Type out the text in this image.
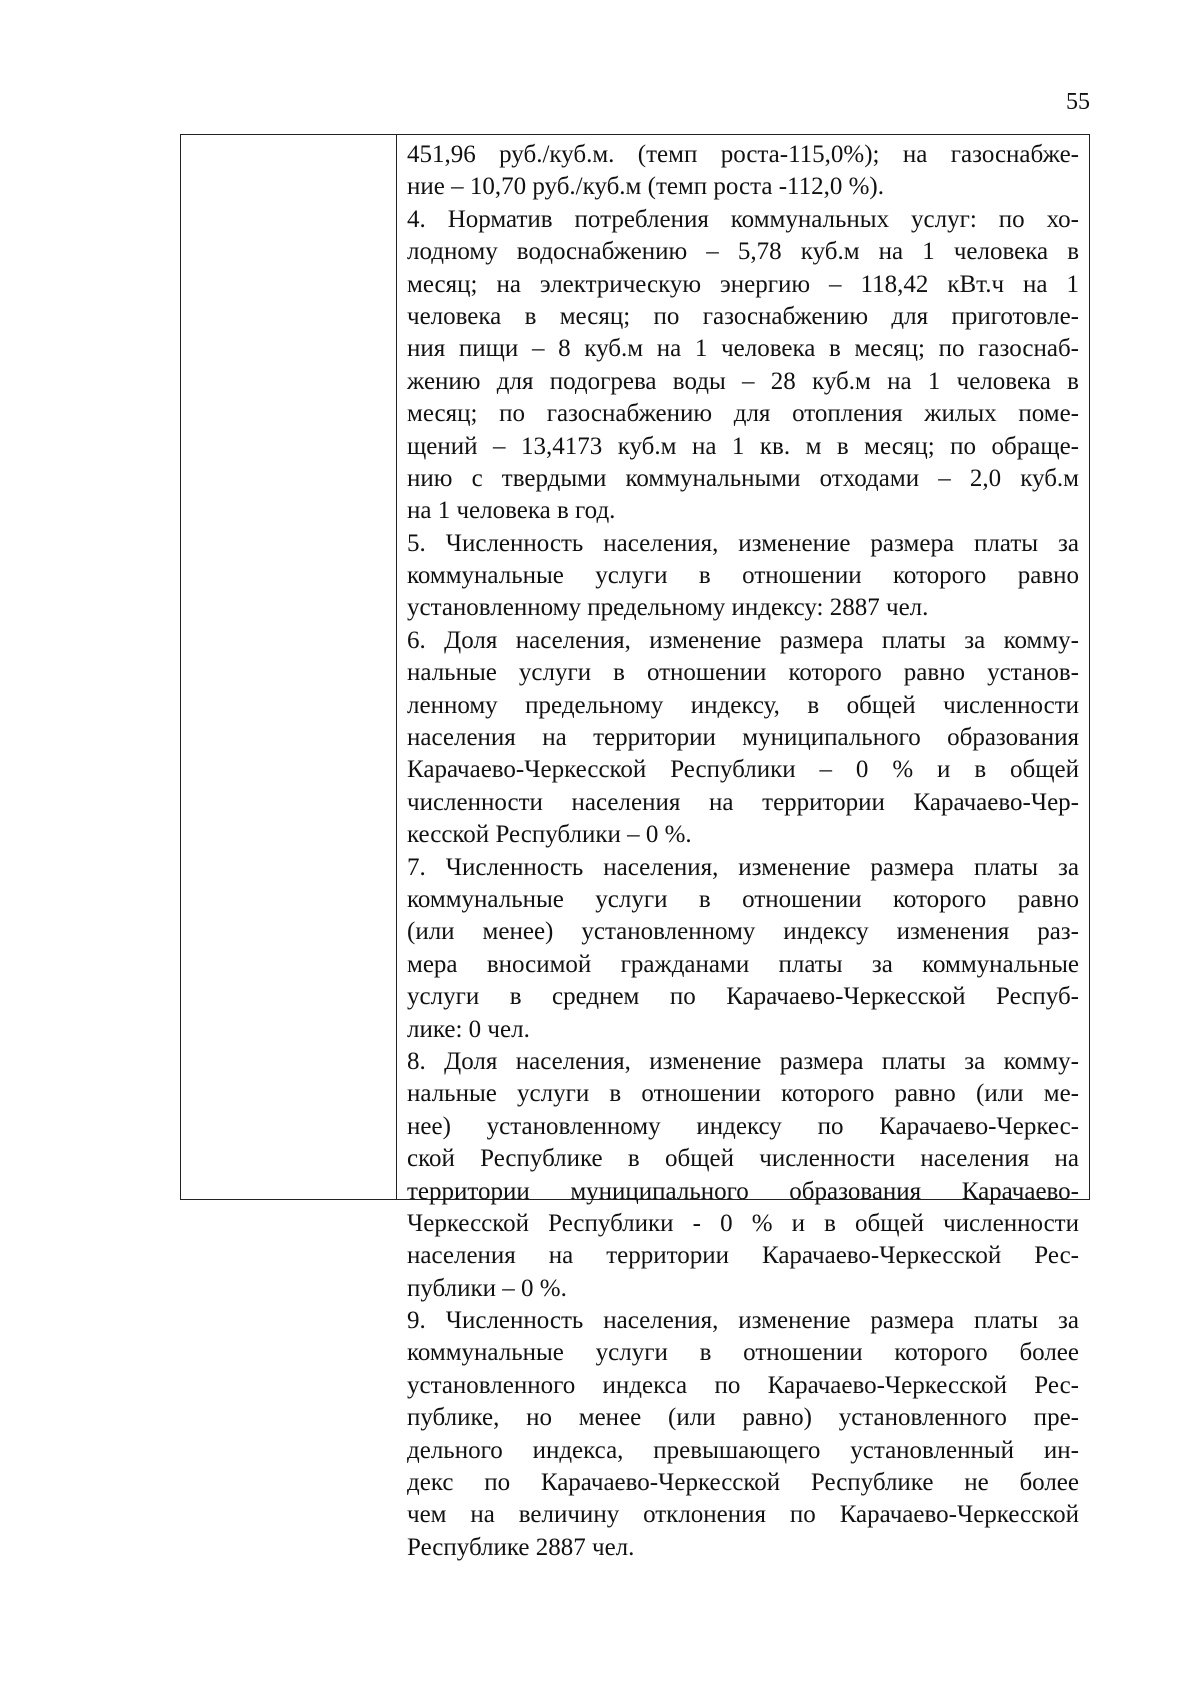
55
451,96 руб./куб.м. (темп роста-115,0%); на газоснабже-
ние – 10,70 руб./куб.м (темп роста -112,0 %).
4. Норматив потребления коммунальных услуг: по хо-
лодному водоснабжению – 5,78 куб.м на 1 человека в
месяц; на электрическую энергию – 118,42 кВт.ч на 1
человека в месяц; по газоснабжению для приготовле-
ния пищи – 8 куб.м на 1 человека в месяц; по газоснаб-
жению для подогрева воды – 28 куб.м на 1 человека в
месяц; по газоснабжению для отопления жилых поме-
щений – 13,4173 куб.м на 1 кв. м в месяц; по обраще-
нию с твердыми коммунальными отходами – 2,0 куб.м
на 1 человека в год.
5. Численность населения, изменение размера платы за
коммунальные услуги в отношении которого равно
установленному предельному индексу: 2887 чел.
6. Доля населения, изменение размера платы за комму-
нальные услуги в отношении которого равно установ-
ленному предельному индексу, в общей численности
населения на территории муниципального образования
Карачаево-Черкесской Республики – 0 % и в общей
численности населения на территории Карачаево-Чер-
кесской Республики – 0 %.
7. Численность населения, изменение размера платы за
коммунальные услуги в отношении которого равно
(или менее) установленному индексу изменения раз-
мера вносимой гражданами платы за коммунальные
услуги в среднем по Карачаево-Черкесской Респуб-
лике: 0 чел.
8. Доля населения, изменение размера платы за комму-
нальные услуги в отношении которого равно (или ме-
нее) установленному индексу по Карачаево-Черкес-
ской Республике в общей численности населения на
территории муниципального образования Карачаево-
Черкесской Республики - 0 % и в общей численности
населения на территории Карачаево-Черкесской Рес-
публики – 0 %.
9. Численность населения, изменение размера платы за
коммунальные услуги в отношении которого более
установленного индекса по Карачаево-Черкесской Рес-
публике, но менее (или равно) установленного пре-
дельного индекса, превышающего установленный ин-
декс по Карачаево-Черкесской Республике не более
чем на величину отклонения по Карачаево-Черкесской
Республике 2887 чел.
